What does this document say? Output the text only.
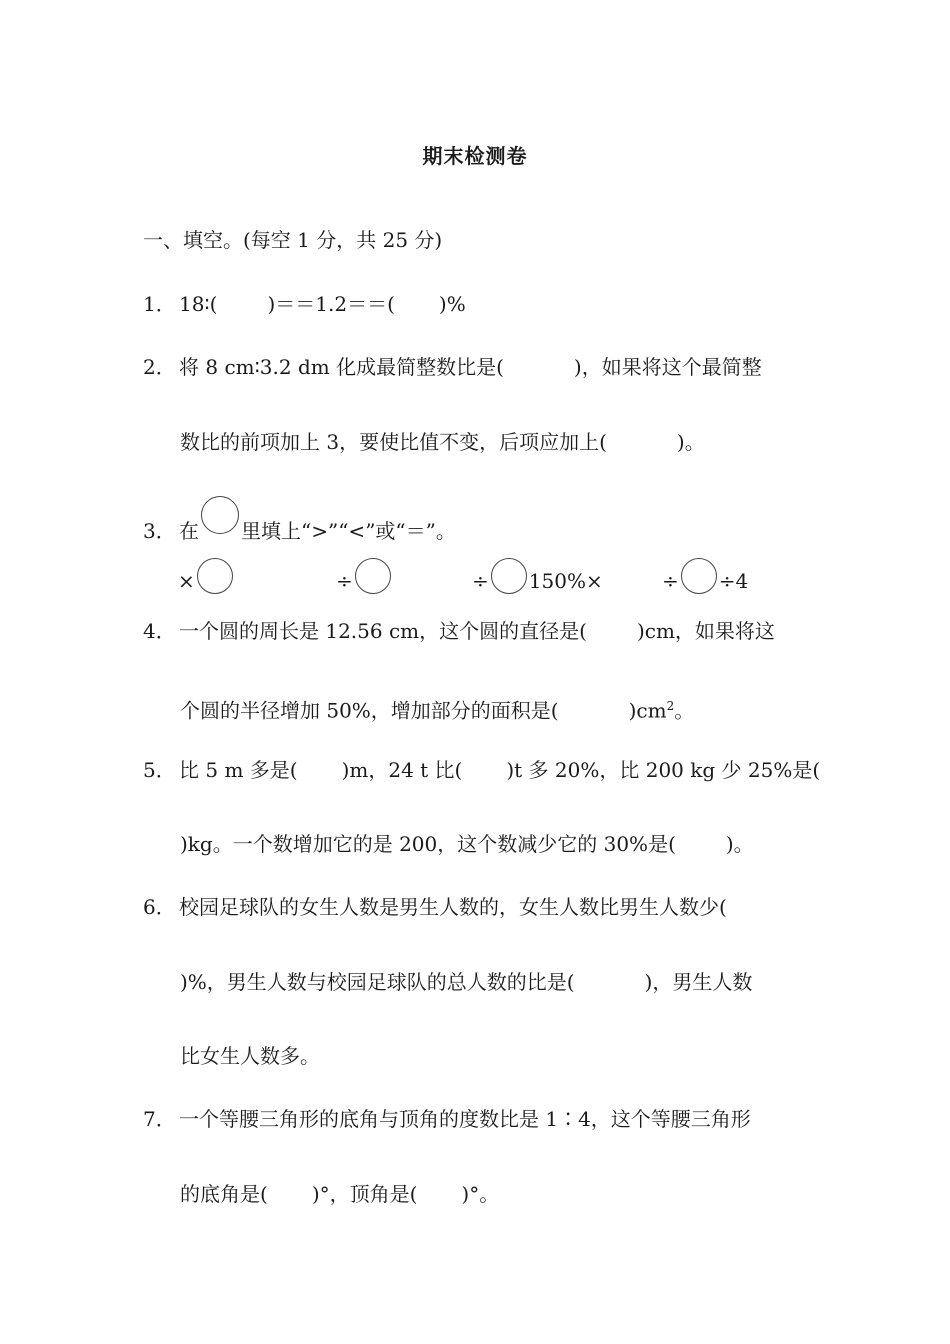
期末检测卷
一、填空。(每空 1 分，共 25 分)
1． 18∶(	)＝＝1.2＝＝( )%
2． 将 8 cm∶3.2 dm 化成最简整数比是(	)，如果将这个最简整
数比的前项加上 3，要使比值不变，后项应加上(	)。
3． 在 里填上“>”“<”或“＝”。
×	÷	÷ 150%×	÷ ÷4
4． 一个圆的周长是 12.56 cm，这个圆的直径是(	)cm，如果将这
个圆的半径增加 50%，增加部分的面积是(	)$cm^2$。
5． 比 5 m 多是( )m，24 t 比( )t 多 20%，比 200 kg 少 25%是(
)kg。一个数增加它的是 200，这个数减少它的 30%是(	)。
6． 校园足球队的女生人数是男生人数的，女生人数比男生人数少(
)%，男生人数与校园足球队的总人数的比是(	)，男生人数
比女生人数多。
7． 一个等腰三角形的底角与顶角的度数比是 1∶4，这个等腰三角形
的底角是( )°，顶角是( )°。
